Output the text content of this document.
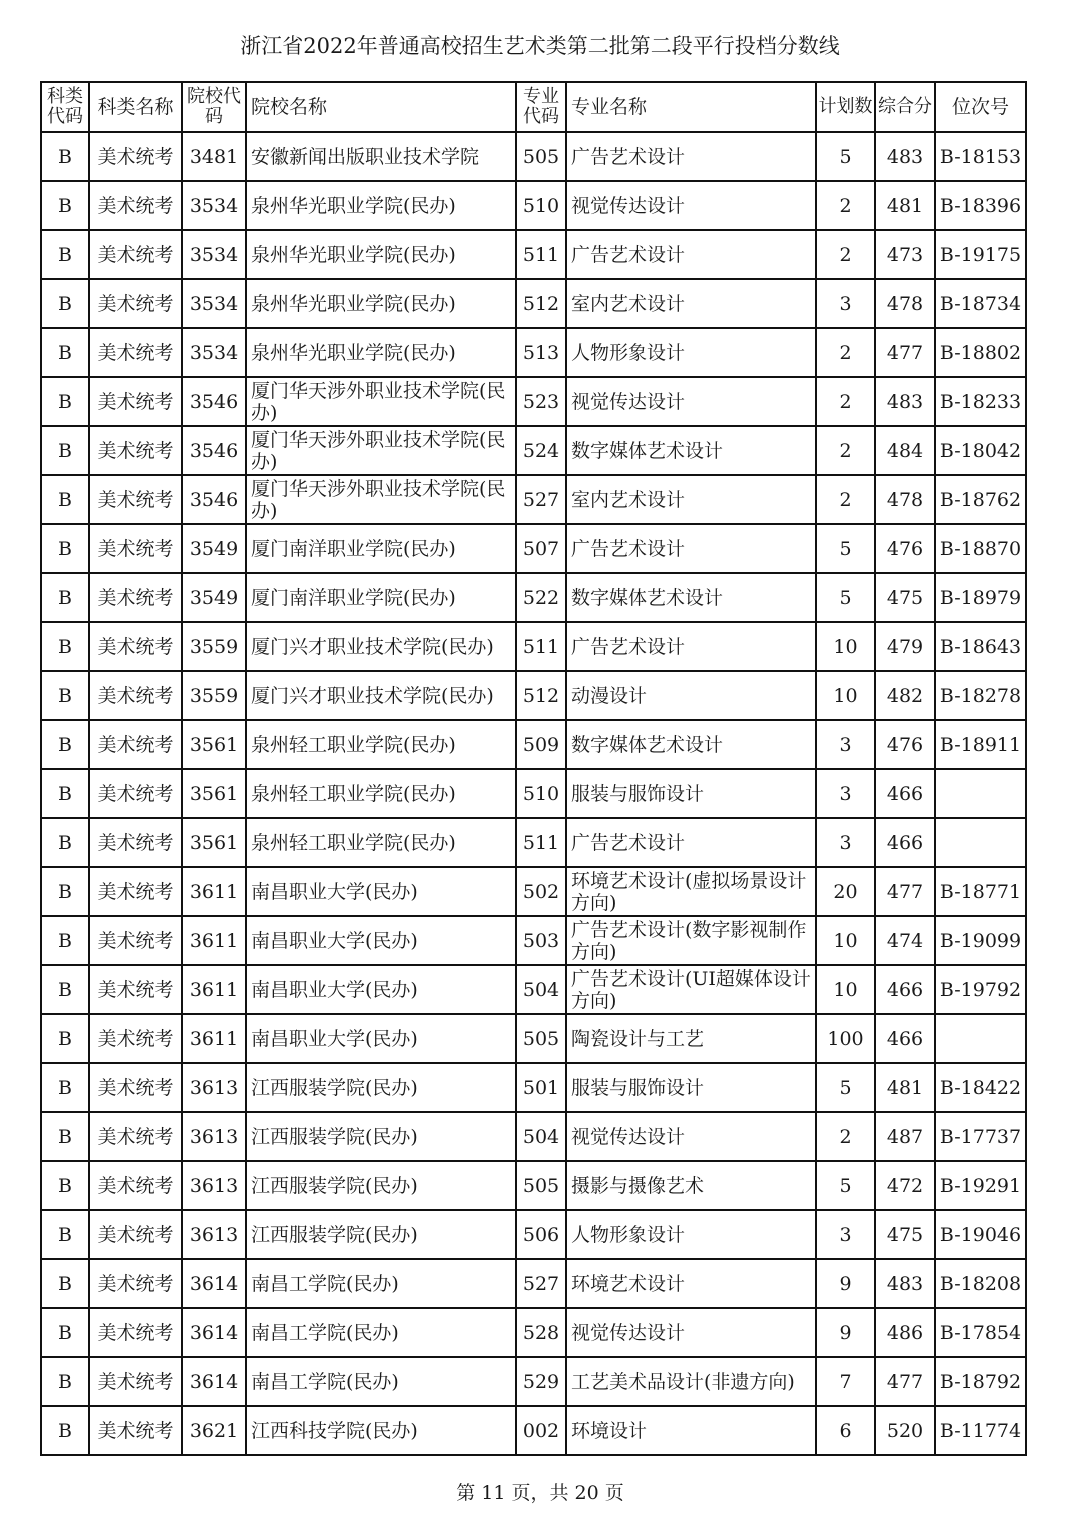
浙江省2022年普通高校招生艺术类第二批第二段平行投档分数线
科类代码	科类名称	院校代码	院校名称	专业代码	专业名称	计划数	综合分	位次号

B	美术统考	3481	安徽新闻出版职业技术学院	505	广告艺术设计	5	483	B-18153

B	美术统考	3534	泉州华光职业学院(民办)	510	视觉传达设计	2	481	B-18396

B	美术统考	3534	泉州华光职业学院(民办)	511	广告艺术设计	2	473	B-19175

B	美术统考	3534	泉州华光职业学院(民办)	512	室内艺术设计	3	478	B-18734

B	美术统考	3534	泉州华光职业学院(民办)	513	人物形象设计	2	477	B-18802

B	美术统考	3546	厦门华天涉外职业技术学院(民办)	523	视觉传达设计	2	483	B-18233

B	美术统考	3546	厦门华天涉外职业技术学院(民办)	524	数字媒体艺术设计	2	484	B-18042

B	美术统考	3546	厦门华天涉外职业技术学院(民办)	527	室内艺术设计	2	478	B-18762

B	美术统考	3549	厦门南洋职业学院(民办)	507	广告艺术设计	5	476	B-18870

B	美术统考	3549	厦门南洋职业学院(民办)	522	数字媒体艺术设计	5	475	B-18979

B	美术统考	3559	厦门兴才职业技术学院(民办)	511	广告艺术设计	10	479	B-18643

B	美术统考	3559	厦门兴才职业技术学院(民办)	512	动漫设计	10	482	B-18278

B	美术统考	3561	泉州轻工职业学院(民办)	509	数字媒体艺术设计	3	476	B-18911

B	美术统考	3561	泉州轻工职业学院(民办)	510	服装与服饰设计	3	466	

B	美术统考	3561	泉州轻工职业学院(民办)	511	广告艺术设计	3	466	

B	美术统考	3611	南昌职业大学(民办)	502	环境艺术设计(虚拟场景设计方向)	20	477	B-18771

B	美术统考	3611	南昌职业大学(民办)	503	广告艺术设计(数字影视制作方向)	10	474	B-19099

B	美术统考	3611	南昌职业大学(民办)	504	广告艺术设计(UI超媒体设计方向)	10	466	B-19792

B	美术统考	3611	南昌职业大学(民办)	505	陶瓷设计与工艺	100	466	

B	美术统考	3613	江西服装学院(民办)	501	服装与服饰设计	5	481	B-18422

B	美术统考	3613	江西服装学院(民办)	504	视觉传达设计	2	487	B-17737

B	美术统考	3613	江西服装学院(民办)	505	摄影与摄像艺术	5	472	B-19291

B	美术统考	3613	江西服装学院(民办)	506	人物形象设计	3	475	B-19046

B	美术统考	3614	南昌工学院(民办)	527	环境艺术设计	9	483	B-18208

B	美术统考	3614	南昌工学院(民办)	528	视觉传达设计	9	486	B-17854

B	美术统考	3614	南昌工学院(民办)	529	工艺美术品设计(非遗方向)	7	477	B-18792

B	美术统考	3621	江西科技学院(民办)	002	环境设计	6	520	B-11774
第 11 页，共 20 页
